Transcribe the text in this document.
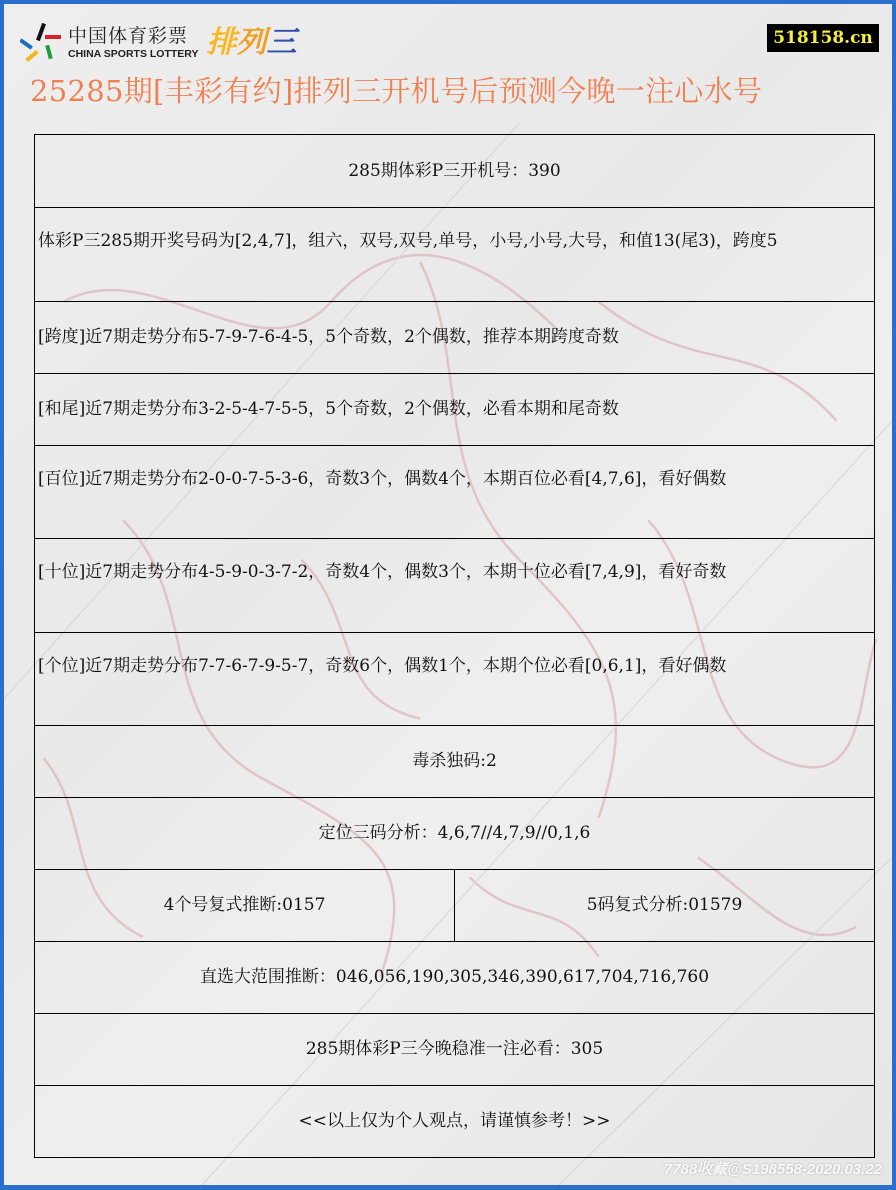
中国体育彩票
CHINA SPORTS LOTTERY 排 列 三	518158.cn
25285期[丰彩有约]排列三开机号后预测今晚一注心水号
285期体彩P三开机号：390
体彩P三285期开奖号码为[2,4,7]，组六，双号,双号,单号，小号,小号,大号，和值13(尾3)，跨度5
[跨度]近7期走势分布5-7-9-7-6-4-5，5个奇数，2个偶数，推荐本期跨度奇数
[和尾]近7期走势分布3-2-5-4-7-5-5，5个奇数，2个偶数，必看本期和尾奇数
[百位]近7期走势分布2-0-0-7-5-3-6，奇数3个，偶数4个，本期百位必看[4,7,6]，看好偶数
[十位]近7期走势分布4-5-9-0-3-7-2，奇数4个，偶数3个，本期十位必看[7,4,9]，看好奇数
[个位]近7期走势分布7-7-6-7-9-5-7，奇数6个，偶数1个，本期个位必看[0,6,1]，看好偶数
毒杀独码:2
定位三码分析：4,6,7//4,7,9//0,1,6
4个号复式推断:0157	5码复式分析:01579
直选大范围推断：046,056,190,305,346,390,617,704,716,760
285期体彩P三今晚稳准一注必看：305
<<以上仅为个人观点，请谨慎参考！>>
7788收藏@S198558-2020.03.22
